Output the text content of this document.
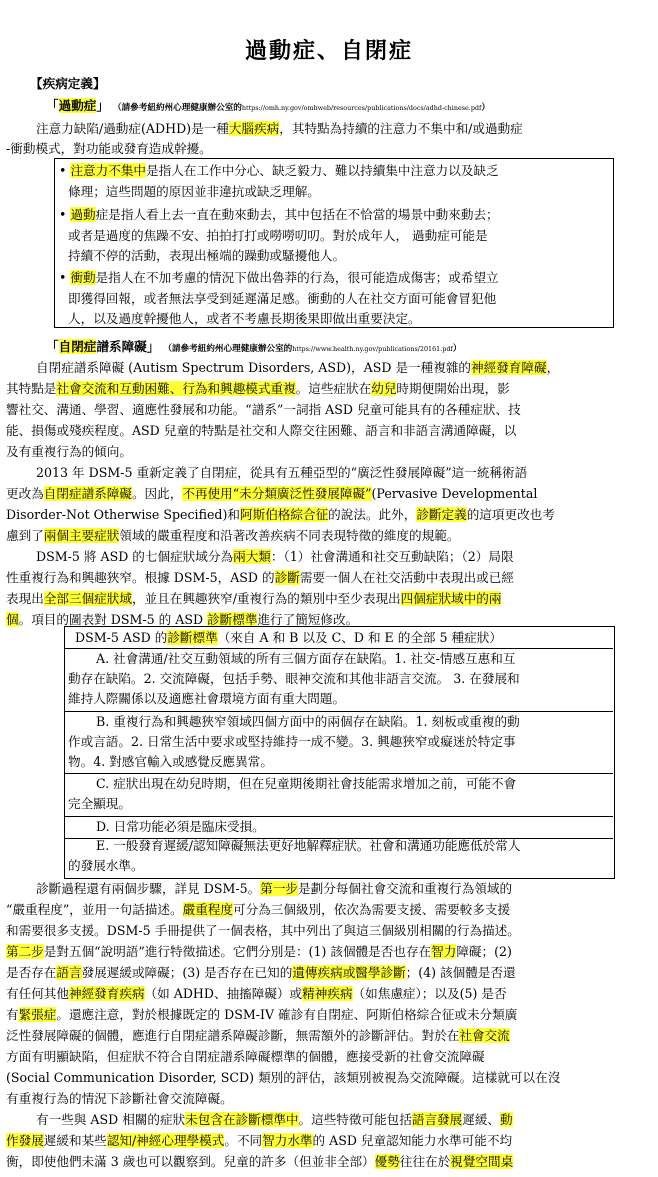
過動症、自閉症
【疾病定義】
「過動症」 （請參考紐約州心理健康辦公室的https://omh.ny.gov/omhweb/resources/publications/docs/adhd-chinese.pdf）
注意力缺陷/過動症(ADHD)是一種大腦疾病，其特點為持續的注意力不集中和/或過動症
-衝動模式，對功能或發育造成幹擾。
• 注意力不集中是指人在工作中分心、缺乏毅力、難以持續集中注意力以及缺乏
條理；這些問題的原因並非違抗或缺乏理解。
• 過動症是指人看上去一直在動來動去，其中包括在不恰當的場景中動來動去；
或者是過度的焦躁不安、拍拍打打或嘮嘮叨叨。對於成年人， 過動症可能是
持續不停的活動，表現出極端的躁動或騷擾他人。
• 衝動是指人在不加考慮的情況下做出魯莽的行為，很可能造成傷害；或希望立
即獲得回報，或者無法享受到延遲滿足感。衝動的人在社交方面可能會冒犯他
人，以及過度幹擾他人，或者不考慮長期後果即做出重要決定。
「自閉症譜系障礙」 （請參考紐約州心理健康辦公室的https://www.health.ny.gov/publications/20161.pdf）
自閉症譜系障礙 (Autism Spectrum Disorders, ASD)，ASD 是一種複雜的神經發育障礙，
其特點是社會交流和互動困難、行為和興趣模式重複。這些症狀在幼兒時期便開始出現，影
響社交、溝通、學習、適應性發展和功能。“譜系”一詞指 ASD 兒童可能具有的各種症狀、技
能、損傷或殘疾程度。ASD 兒童的特點是社交和人際交往困難、語言和非語言溝通障礙，以
及有重複行為的傾向。
2013 年 DSM-5 重新定義了自閉症，從具有五種亞型的“廣泛性發展障礙”這一統稱術語
更改為自閉症譜系障礙。因此，不再使用“未分類廣泛性發展障礙”(Pervasive Developmental
Disorder-Not Otherwise Specified)和阿斯伯格綜合征的說法。此外，診斷定義的這項更改也考
慮到了兩個主要症狀領域的嚴重程度和沿著改善疾病不同表現特徵的維度的規範。
DSM-5 將 ASD 的七個症狀域分為兩大類：（1）社會溝通和社交互動缺陷；（2）局限
性重複行為和興趣狹窄。根據 DSM-5，ASD 的診斷需要一個人在社交活動中表現出或已經
表現出全部三個症狀域，並且在興趣狹窄/重複行為的類別中至少表現出四個症狀域中的兩
個。項目的圖表對 DSM-5 的 ASD 診斷標準進行了簡短修改。
DSM-5 ASD 的診斷標準（來自 A 和 B 以及 C、D 和 E 的全部 5 種症狀）
A. 社會溝通/社交互動領域的所有三個方面存在缺陷。1. 社交-情感互惠和互
動存在缺陷。2. 交流障礙，包括手勢、眼神交流和其他非語言交流。 3. 在發展和
維持人際關係以及適應社會環境方面有重大問題。
B. 重複行為和興趣狹窄領域四個方面中的兩個存在缺陷。1. 刻板或重複的動
作或言語。2. 日常生活中要求或堅持維持一成不變。3. 興趣狹窄或癡迷於特定事
物。4. 對感官輸入或感覺反應異常。
C. 症狀出現在幼兒時期，但在兒童期後期社會技能需求增加之前，可能不會
完全顯現。
D. 日常功能必須是臨床受損。
E. 一般發育遲緩/認知障礙無法更好地解釋症狀。社會和溝通功能應低於常人
的發展水準。
診斷過程還有兩個步驟，詳見 DSM-5。第一步是劃分每個社會交流和重複行為領域的
“嚴重程度”，並用一句話描述。嚴重程度可分為三個級別，依次為需要支援、需要較多支援
和需要很多支援。DSM-5 手冊提供了一個表格，其中列出了與這三個級別相關的行為描述。
第二步是對五個“說明語”進行特徵描述。它們分別是：(1) 該個體是否也存在智力障礙；(2)
是否存在語言發展遲緩或障礙；(3) 是否存在已知的遺傳疾病或醫學診斷；(4) 該個體是否還
有任何其他神經發育疾病（如 ADHD、抽搐障礙）或精神疾病（如焦慮症）；以及(5) 是否
有緊張症。還應注意，對於根據既定的 DSM-IV 確診有自閉症、阿斯伯格綜合征或未分類廣
泛性發展障礙的個體，應進行自閉症譜系障礙診斷，無需額外的診斷評估。對於在社會交流
方面有明顯缺陷，但症狀不符合自閉症譜系障礙標準的個體，應接受新的社會交流障礙
(Social Communication Disorder, SCD) 類別的評估，該類別被視為交流障礙。這樣就可以在沒
有重複行為的情況下診斷社會交流障礙。
有一些與 ASD 相關的症狀未包含在診斷標準中。這些特徵可能包括語言發展遲緩、動
作發展遲緩和某些認知/神經心理學模式。不同智力水準的 ASD 兒童認知能力水準可能不均
衡，即使他們未滿 3 歲也可以觀察到。兒童的許多（但並非全部）優勢往往在於視覺空間桌
